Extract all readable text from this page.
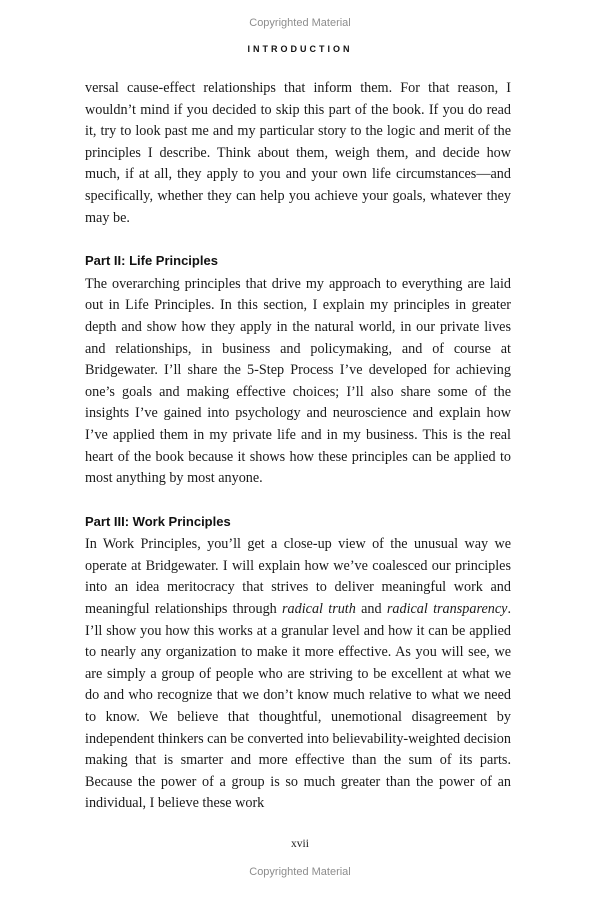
Copyrighted Material
INTRODUCTION

versal cause-effect relationships that inform them. For that reason, I wouldn’t mind if you decided to skip this part of the book. If you do read it, try to look past me and my particular story to the logic and merit of the principles I describe. Think about them, weigh them, and decide how much, if at all, they apply to you and your own life circumstances—and specifically, whether they can help you achieve your goals, whatever they may be.

Part II: Life Principles

The overarching principles that drive my approach to everything are laid out in Life Principles. In this section, I explain my principles in greater depth and show how they apply in the natural world, in our private lives and relationships, in business and policymaking, and of course at Bridgewater. I’ll share the 5-Step Process I’ve developed for achieving one’s goals and making effective choices; I’ll also share some of the insights I’ve gained into psychology and neuroscience and explain how I’ve applied them in my private life and in my business. This is the real heart of the book because it shows how these principles can be applied to most anything by most anyone.

Part III: Work Principles

In Work Principles, you’ll get a close-up view of the unusual way we operate at Bridgewater. I will explain how we’ve coalesced our principles into an idea meritocracy that strives to deliver meaningful work and meaningful relationships through radical truth and radical transparency. I’ll show you how this works at a granular level and how it can be applied to nearly any organization to make it more effective. As you will see, we are simply a group of people who are striving to be excellent at what we do and who recognize that we don’t know much relative to what we need to know. We believe that thoughtful, unemotional disagreement by independent thinkers can be converted into believability-weighted decision making that is smarter and more effective than the sum of its parts. Because the power of a group is so much greater than the power of an individual, I believe these work

xvii
Copyrighted Material
